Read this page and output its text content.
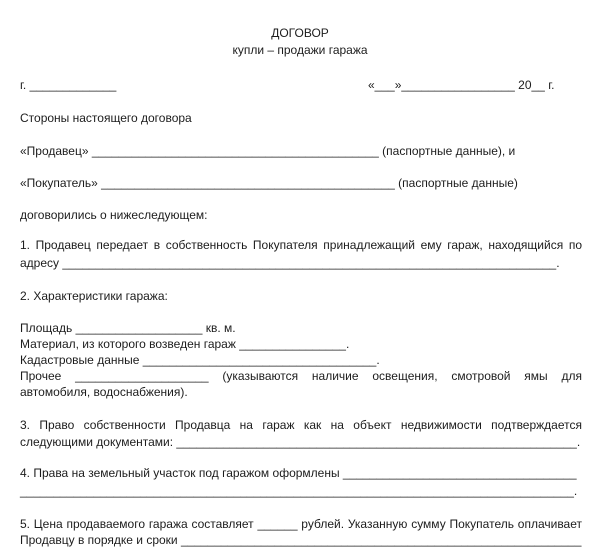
ДОГОВОР
купли – продажи гаража
г. _____________	«___»_________________ 20__ г.
Стороны настоящего договора
«Продавец» ___________________________________________ (паспортные данные), и
«Покупатель» ____________________________________________ (паспортные данные)
договорились о нижеследующем:
1. Продавец передает в собственность Покупателя принадлежащий ему гараж, находящийся по
адресу __________________________________________________________________________.
2. Характеристики гаража:
Площадь ___________________ кв. м.
Материал, из которого возведен гараж ________________.
Кадастровые данные ___________________________________.
Прочее ____________________ (указываются наличие освещения, смотровой ямы для
автомобиля, водоснабжения).
3. Право собственности Продавца на гараж как на объект недвижимости подтверждается
следующими документами: ____________________________________________________________.
4. Права на земельный участок под гаражом оформлены ___________________________________
___________________________________________________________________________________.
5. Цена продаваемого гаража составляет ______ рублей. Указанную сумму Покупатель оплачивает
Продавцу в порядке и сроки ____________________________________________________________
